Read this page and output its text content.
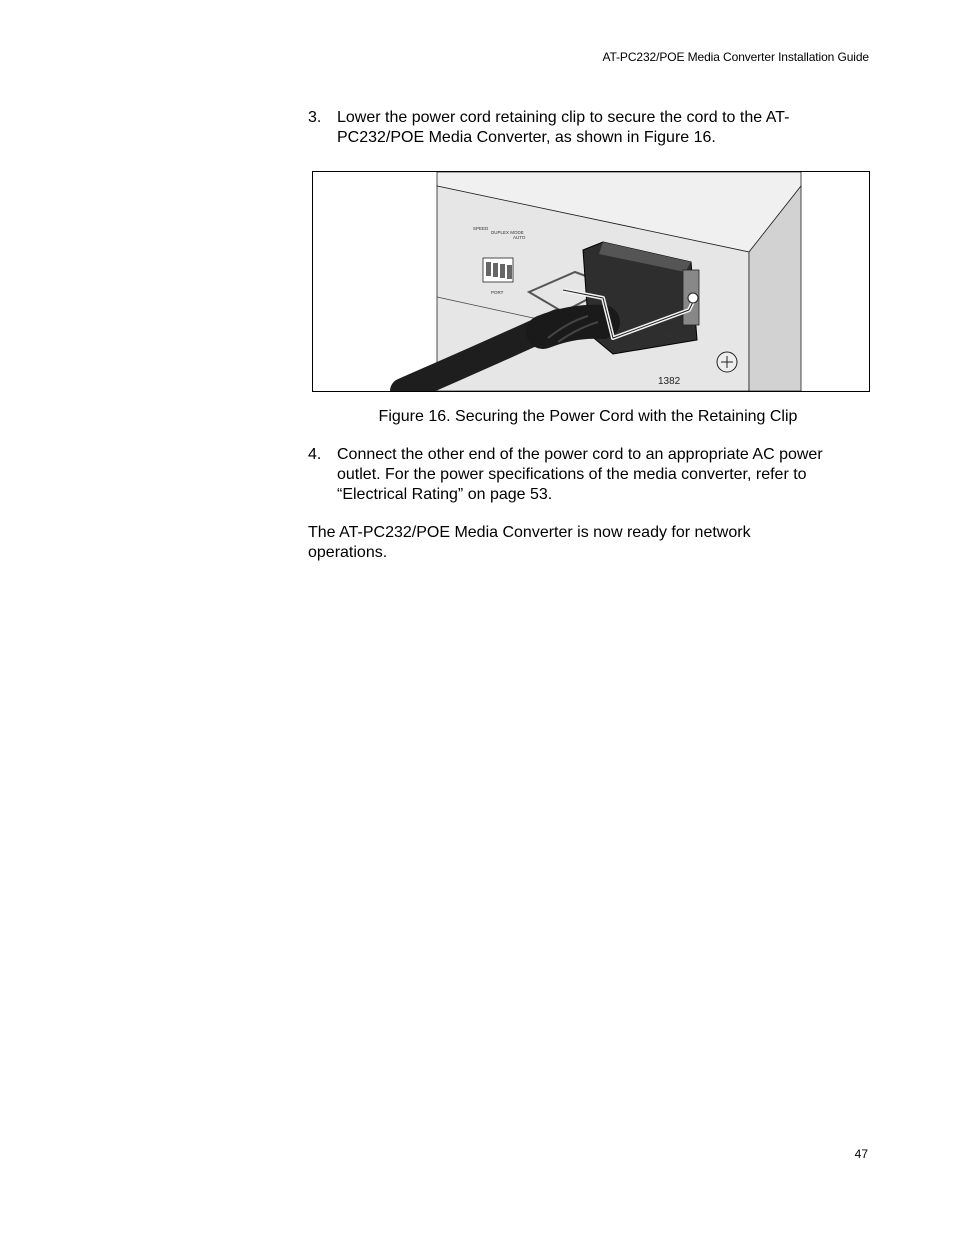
AT-PC232/POE Media Converter Installation Guide
3. Lower the power cord retaining clip to secure the cord to the AT-PC232/POE Media Converter, as shown in Figure 16.
SPEED
DUPLEX MODE
AUTO
PORT
AC~
1382
Figure 16. Securing the Power Cord with the Retaining Clip
4. Connect the other end of the power cord to an appropriate AC power outlet. For the power specifications of the media converter, refer to “Electrical Rating” on page 53.
The AT-PC232/POE Media Converter is now ready for network operations.
47
